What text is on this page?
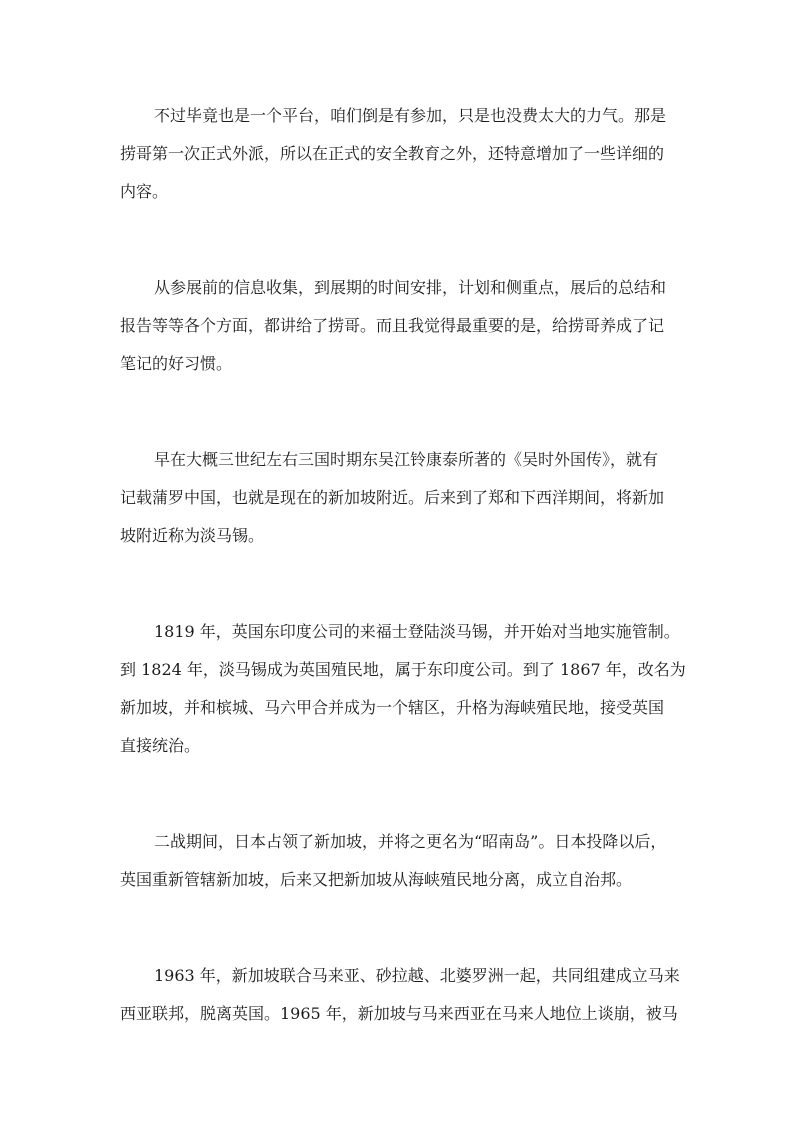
不过毕竟也是一个平台，咱们倒是有参加，只是也没费太大的力气。那是
捞哥第一次正式外派，所以在正式的安全教育之外，还特意增加了一些详细的
内容。
从参展前的信息收集，到展期的时间安排，计划和侧重点，展后的总结和
报告等等各个方面，都讲给了捞哥。而且我觉得最重要的是，给捞哥养成了记
笔记的好习惯。
早在大概三世纪左右三国时期东吴江铃康泰所著的《吴时外国传》，就有
记载蒲罗中国，也就是现在的新加坡附近。后来到了郑和下西洋期间，将新加
坡附近称为淡马锡。
1819 年，英国东印度公司的来福士登陆淡马锡，并开始对当地实施管制。
到 1824 年，淡马锡成为英国殖民地，属于东印度公司。到了 1867 年，改名为
新加坡，并和槟城、马六甲合并成为一个辖区，升格为海峡殖民地，接受英国
直接统治。
二战期间，日本占领了新加坡，并将之更名为“昭南岛”。日本投降以后，
英国重新管辖新加坡，后来又把新加坡从海峡殖民地分离，成立自治邦。
1963 年，新加坡联合马来亚、砂拉越、北婆罗洲一起，共同组建成立马来
西亚联邦，脱离英国。1965 年，新加坡与马来西亚在马来人地位上谈崩，被马
